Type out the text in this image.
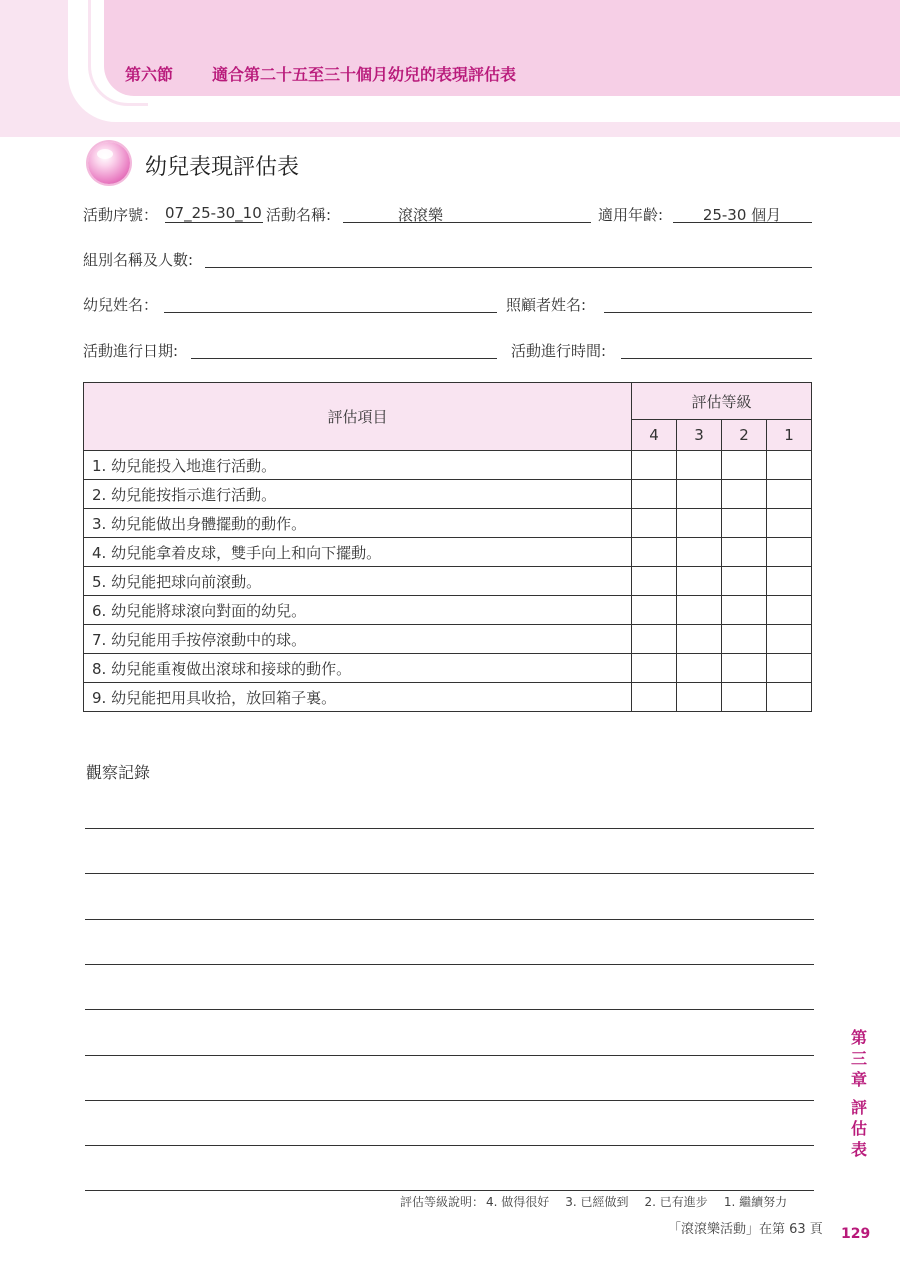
第六節 適合第二十五至三十個月幼兒的表現評估表
幼兒表現評估表
活動序號： 07_25-30_10 活動名稱:	滾滾樂	適用年齡:	25-30 個月
組別名稱及人數:
幼兒姓名：	照顧者姓名:
活動進行日期:	活動進行時間:
評估項目	評估等級			
	4	3	2	1
1. 幼兒能投入地進行活動。				
2. 幼兒能按指示進行活動。				
3. 幼兒能做出身體擺動的動作。				
4. 幼兒能拿着皮球，雙手向上和向下擺動。				
5. 幼兒能把球向前滾動。				
6. 幼兒能將球滾向對面的幼兒。				
7. 幼兒能用手按停滾動中的球。				
8. 幼兒能重複做出滾球和接球的動作。				
9. 幼兒能把用具收拾，放回箱子裏。				
觀察記錄
評估等級說明： 4. 做得很好 3. 已經做到 2. 已有進步 1. 繼續努力
「滾滾樂活動」在第 63 頁 129
第
三
章
評
估
表
